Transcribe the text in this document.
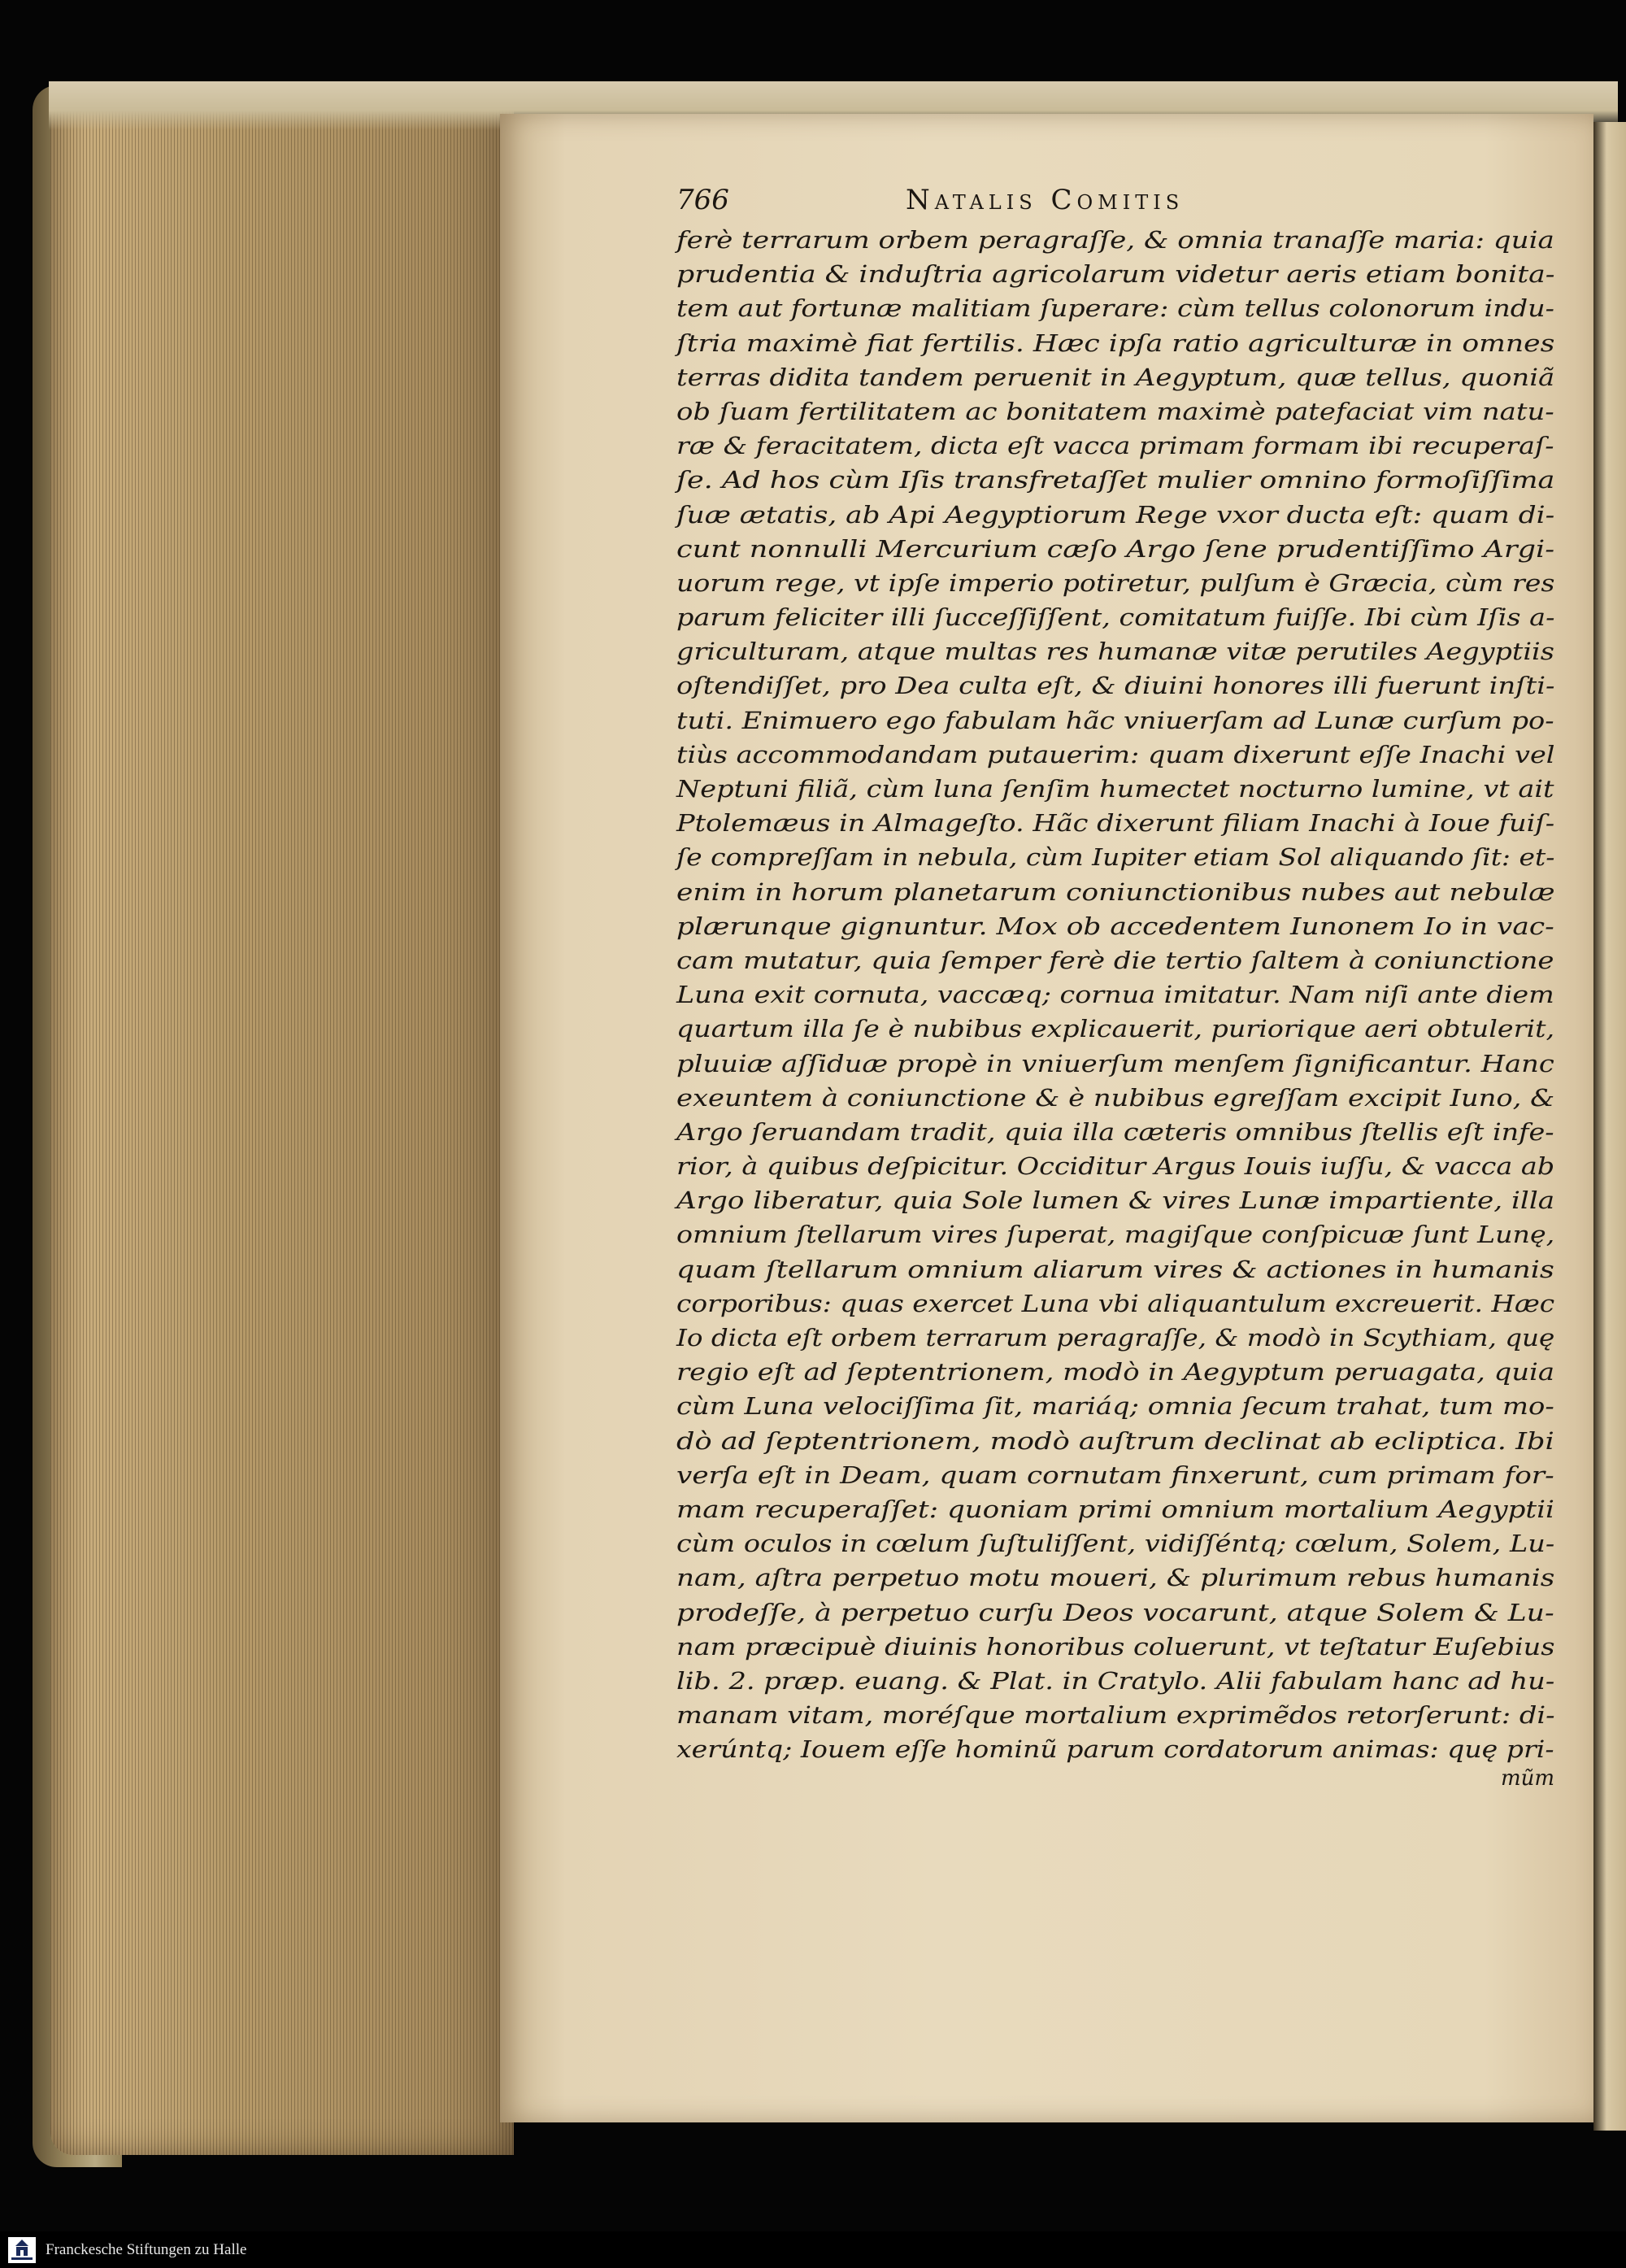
766	Natalis Comitis
ferè terrarum orbem peragraſſe, & omnia tranaſſe maria: quia
prudentia & induſtria agricolarum videtur aeris etiam bonita-
tem aut fortunæ malitiam ſuperare: cùm tellus colonorum indu-
ſtria maximè fiat fertilis. Hæc ipſa ratio agriculturæ in omnes
terras didita tandem peruenit in Aegyptum, quæ tellus, quoniã
ob ſuam fertilitatem ac bonitatem maximè patefaciat vim natu-
ræ & feracitatem, dicta eſt vacca primam formam ibi recuperaſ-
ſe. Ad hos cùm Iſis transfretaſſet mulier omnino formoſiſſima
ſuæ ætatis, ab Api Aegyptiorum Rege vxor ducta eſt: quam di-
cunt nonnulli Mercurium cæſo Argo ſene prudentiſſimo Argi-
uorum rege, vt ipſe imperio potiretur, pulſum è Græcia, cùm res
parum feliciter illi ſucceſſiſſent, comitatum fuiſſe. Ibi cùm Iſis a-
griculturam, atque multas res humanæ vitæ perutiles Aegyptiis
oſtendiſſet, pro Dea culta eſt, & diuini honores illi fuerunt inſti-
tuti. Enimuero ego fabulam hãc vniuerſam ad Lunæ curſum po-
tiùs accommodandam putauerim: quam dixerunt eſſe Inachi vel
Neptuni filiã, cùm luna ſenſim humectet nocturno lumine, vt ait
Ptolemæus in Almageſto. Hãc dixerunt filiam Inachi à Ioue fuiſ-
ſe compreſſam in nebula, cùm Iupiter etiam Sol aliquando ſit: et-
enim in horum planetarum coniunctionibus nubes aut nebulæ
plærunque gignuntur. Mox ob accedentem Iunonem Io in vac-
cam mutatur, quia ſemper ferè die tertio ſaltem à coniunctione
Luna exit cornuta, vaccæq; cornua imitatur. Nam niſi ante diem
quartum illa ſe è nubibus explicauerit, puriorique aeri obtulerit,
pluuiæ aſſiduæ propè in vniuerſum menſem ſignificantur. Hanc
exeuntem à coniunctione & è nubibus egreſſam excipit Iuno, &
Argo ſeruandam tradit, quia illa cæteris omnibus ſtellis eſt infe-
rior, à quibus deſpicitur. Occiditur Argus Iouis iuſſu, & vacca ab
Argo liberatur, quia Sole lumen & vires Lunæ impartiente, illa
omnium ſtellarum vires ſuperat, magiſque conſpicuæ ſunt Lunę,
quam ſtellarum omnium aliarum vires & actiones in humanis
corporibus: quas exercet Luna vbi aliquantulum excreuerit. Hæc
Io dicta eſt orbem terrarum peragraſſe, & modò in Scythiam, quę
regio eſt ad ſeptentrionem, modò in Aegyptum peruagata, quia
cùm Luna velociſſima ſit, mariáq; omnia ſecum trahat, tum mo-
dò ad ſeptentrionem, modò auſtrum declinat ab ecliptica. Ibi
verſa eſt in Deam, quam cornutam finxerunt, cum primam for-
mam recuperaſſet: quoniam primi omnium mortalium Aegyptii
cùm oculos in cœlum ſuſtuliſſent, vidiſſéntq; cœlum, Solem, Lu-
nam, aſtra perpetuo motu moueri, & plurimum rebus humanis
prodeſſe, à perpetuo curſu Deos vocarunt, atque Solem & Lu-
nam præcipuè diuinis honoribus coluerunt, vt teſtatur Euſebius
lib. 2. præp. euang. & Plat. in Cratylo. Alii fabulam hanc ad hu-
manam vitam, moréſque mortalium exprimẽdos retorſerunt: di-
xerúntq; Iouem eſſe hominũ parum cordatorum animas: quę pri-
mũm
Franckesche Stiftungen zu Halle
